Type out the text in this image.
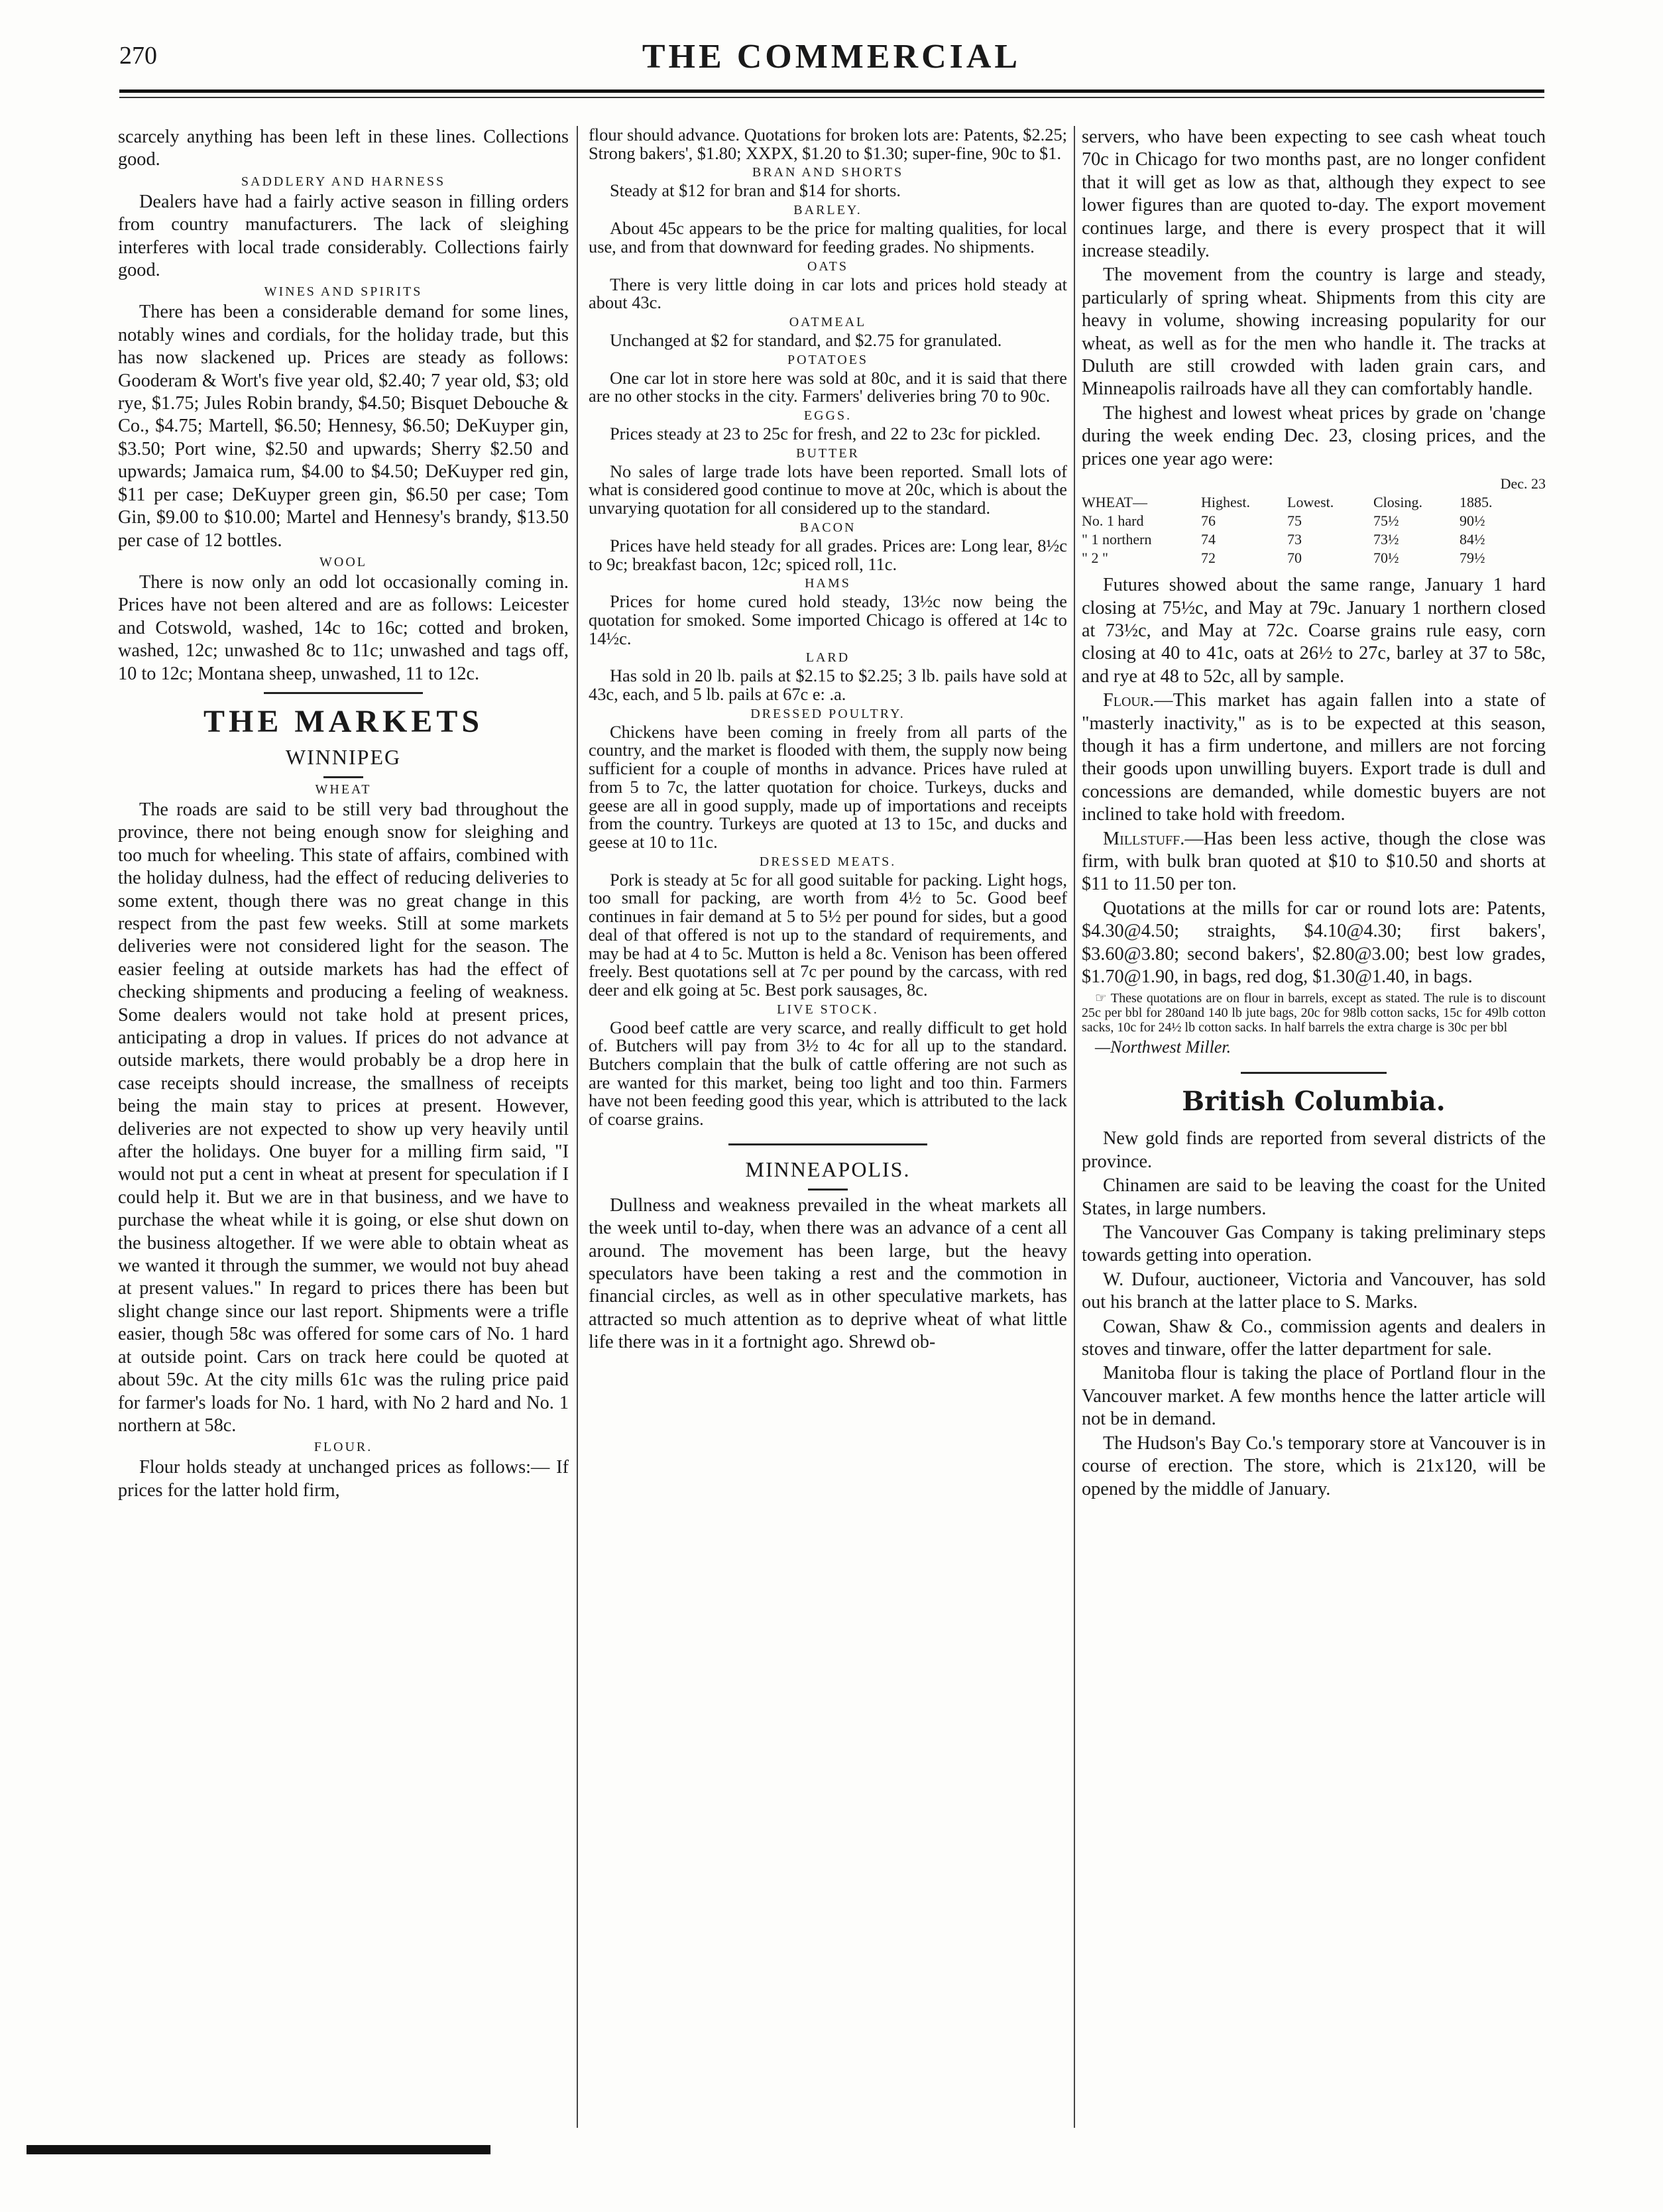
270	THE COMMERCIAL

scarcely anything has been left in these lines. Collections good.

SADDLERY AND HARNESS

Dealers have had a fairly active season in filling orders from country manufacturers. The lack of sleighing interferes with local trade considerably. Collections fairly good.

WINES AND SPIRITS

There has been a considerable demand for some lines, notably wines and cordials, for the holiday trade, but this has now slackened up. Prices are steady as follows: Gooderam & Wort's five year old, $2.40; 7 year old, $3; old rye, $1.75; Jules Robin brandy, $4.50; Bisquet Debouche & Co., $4.75; Martell, $6.50; Hennesy, $6.50; DeKuyper gin, $3.50; Port wine, $2.50 and upwards; Sherry $2.50 and upwards; Jamaica rum, $4.00 to $4.50; DeKuyper red gin, $11 per case; DeKuyper green gin, $6.50 per case; Tom Gin, $9.00 to $10.00; Martel and Hennesy's brandy, $13.50 per case of 12 bottles.

WOOL

There is now only an odd lot occasionally coming in. Prices have not been altered and are as follows: Leicester and Cotswold, washed, 14c to 16c; cotted and broken, washed, 12c; unwashed 8c to 11c; unwashed and tags off, 10 to 12c; Montana sheep, unwashed, 11 to 12c.

THE MARKETS
WINNIPEG
WHEAT

The roads are said to be still very bad throughout the province, there not being enough snow for sleighing and too much for wheeling. This state of affairs, combined with the holiday dulness, had the effect of reducing deliveries to some extent, though there was no great change in this respect from the past few weeks. Still at some markets deliveries were not considered light for the season. The easier feeling at outside markets has had the effect of checking shipments and producing a feeling of weakness. Some dealers would not take hold at present prices, anticipating a drop in values. If prices do not advance at outside markets, there would probably be a drop here in case receipts should increase, the smallness of receipts being the main stay to prices at present. However, deliveries are not expected to show up very heavily until after the holidays. One buyer for a milling firm said, "I would not put a cent in wheat at present for speculation if I could help it. But we are in that business, and we have to purchase the wheat while it is going, or else shut down on the business altogether. If we were able to obtain wheat as we wanted it through the summer, we would not buy ahead at present values." In regard to prices there has been but slight change since our last report. Shipments were a trifle easier, though 58c was offered for some cars of No. 1 hard at outside point. Cars on track here could be quoted at about 59c. At the city mills 61c was the ruling price paid for farmer's loads for No. 1 hard, with No 2 hard and No. 1 northern at 58c.

FLOUR.

Flour holds steady at unchanged prices as follows:— If prices for the latter hold firm,

flour should advance. Quotations for broken lots are: Patents, $2.25; Strong bakers', $1.80; XXPX, $1.20 to $1.30; super-fine, 90c to $1.

BRAN AND SHORTS

Steady at $12 for bran and $14 for shorts.

BARLEY.

About 45c appears to be the price for malting qualities, for local use, and from that downward for feeding grades. No shipments.

OATS

There is very little doing in car lots and prices hold steady at about 43c.

OATMEAL

Unchanged at $2 for standard, and $2.75 for granulated.

POTATOES

One car lot in store here was sold at 80c, and it is said that there are no other stocks in the city. Farmers' deliveries bring 70 to 90c.

EGGS.

Prices steady at 23 to 25c for fresh, and 22 to 23c for pickled.

BUTTER

No sales of large trade lots have been reported. Small lots of what is considered good continue to move at 20c, which is about the unvarying quotation for all considered up to the standard.

BACON

Prices have held steady for all grades. Prices are: Long lear, 8½c to 9c; breakfast bacon, 12c; spiced roll, 11c.

HAMS

Prices for home cured hold steady, 13½c now being the quotation for smoked. Some imported Chicago is offered at 14c to 14½c.

LARD

Has sold in 20 lb. pails at $2.15 to $2.25; 3 lb. pails have sold at 43c, each, and 5 lb. pails at 67c e: .a.

DRESSED POULTRY.

Chickens have been coming in freely from all parts of the country, and the market is flooded with them, the supply now being sufficient for a couple of months in advance. Prices have ruled at from 5 to 7c, the latter quotation for choice. Turkeys, ducks and geese are all in good supply, made up of importations and receipts from the country. Turkeys are quoted at 13 to 15c, and ducks and geese at 10 to 11c.

DRESSED MEATS.

Pork is steady at 5c for all good suitable for packing. Light hogs, too small for packing, are worth from 4½ to 5c. Good beef continues in fair demand at 5 to 5½ per pound for sides, but a good deal of that offered is not up to the standard of requirements, and may be had at 4 to 5c. Mutton is held a 8c. Venison has been offered freely. Best quotations sell at 7c per pound by the carcass, with red deer and elk going at 5c. Best pork sausages, 8c.

LIVE STOCK.

Good beef cattle are very scarce, and really difficult to get hold of. Butchers will pay from 3½ to 4c for all up to the standard. Butchers complain that the bulk of cattle offering are not such as are wanted for this market, being too light and too thin. Farmers have not been feeding good this year, which is attributed to the lack of coarse grains.

MINNEAPOLIS.

Dullness and weakness prevailed in the wheat markets all the week until to-day, when there was an advance of a cent all around. The movement has been large, but the heavy speculators have been taking a rest and the commotion in financial circles, as well as in other speculative markets, has attracted so much attention as to deprive wheat of what little life there was in it a fortnight ago. Shrewd ob-

servers, who have been expecting to see cash wheat touch 70c in Chicago for two months past, are no longer confident that it will get as low as that, although they expect to see lower figures than are quoted to-day. The export movement continues large, and there is every prospect that it will increase steadily.

The movement from the country is large and steady, particularly of spring wheat. Shipments from this city are heavy in volume, showing increasing popularity for our wheat, as well as for the men who handle it. The tracks at Duluth are still crowded with laden grain cars, and Minneapolis railroads have all they can comfortably handle.

The highest and lowest wheat prices by grade on 'change during the week ending Dec. 23, closing prices, and the prices one year ago were:

Dec. 23
WHEAT—	Highest.	Lowest.	Closing.	1885.
No. 1 hard	76	75	75½	90½
" 1 northern	74	73	73½	84½
" 2 "	72	70	70½	79½

Futures showed about the same range, January 1 hard closing at 75½c, and May at 79c. January 1 northern closed at 73½c, and May at 72c. Coarse grains rule easy, corn closing at 40 to 41c, oats at 26½ to 27c, barley at 37 to 58c, and rye at 48 to 52c, all by sample.

Flour.—This market has again fallen into a state of "masterly inactivity," as is to be expected at this season, though it has a firm undertone, and millers are not forcing their goods upon unwilling buyers. Export trade is dull and concessions are demanded, while domestic buyers are not inclined to take hold with freedom.

Millstuff.—Has been less active, though the close was firm, with bulk bran quoted at $10 to $10.50 and shorts at $11 to 11.50 per ton.

Quotations at the mills for car or round lots are: Patents, $4.30@4.50; straights, $4.10@4.30; first bakers', $3.60@3.80; second bakers', $2.80@3.00; best low grades, $1.70@1.90, in bags, red dog, $1.30@1.40, in bags.

☞ These quotations are on flour in barrels, except as stated. The rule is to discount 25c per bbl for 280and 140 lb jute bags, 20c for 98lb cotton sacks, 15c for 49lb cotton sacks, 10c for 24½ lb cotton sacks. In half barrels the extra charge is 30c per bbl

—Northwest Miller.
British Columbia.

New gold finds are reported from several districts of the province.

Chinamen are said to be leaving the coast for the United States, in large numbers.

The Vancouver Gas Company is taking preliminary steps towards getting into operation.

W. Dufour, auctioneer, Victoria and Vancouver, has sold out his branch at the latter place to S. Marks.

Cowan, Shaw & Co., commission agents and dealers in stoves and tinware, offer the latter department for sale.

Manitoba flour is taking the place of Portland flour in the Vancouver market. A few months hence the latter article will not be in demand.

The Hudson's Bay Co.'s temporary store at Vancouver is in course of erection. The store, which is 21x120, will be opened by the middle of January.
